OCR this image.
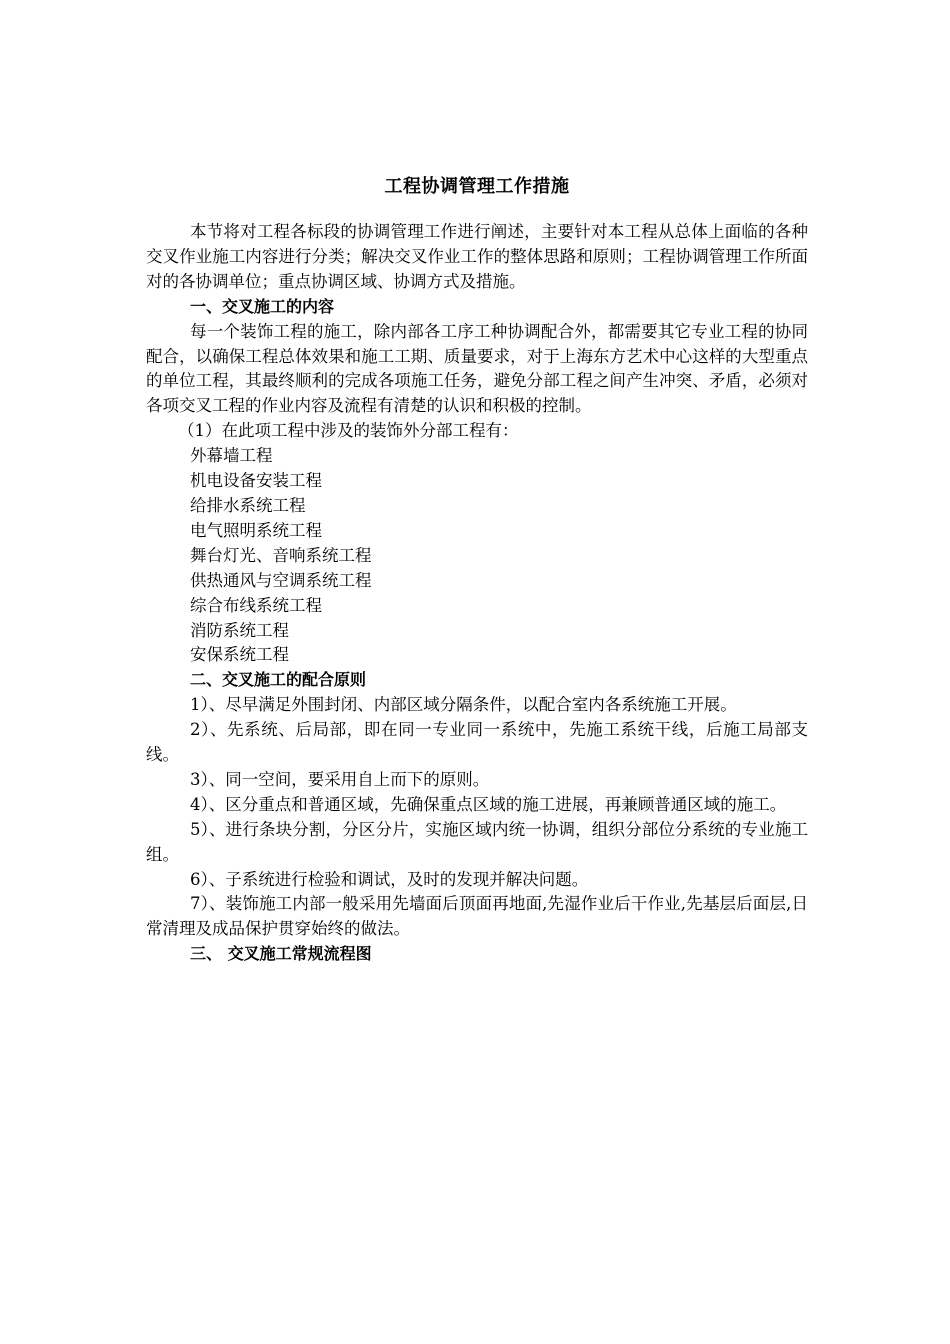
工程协调管理工作措施

本节将对工程各标段的协调管理工作进行阐述，主要针对本工程从总体上面临的各种交叉作业施工内容进行分类；解决交叉作业工作的整体思路和原则；工程协调管理工作所面对的各协调单位；重点协调区域、协调方式及措施。

一、交叉施工的内容

每一个装饰工程的施工，除内部各工序工种协调配合外，都需要其它专业工程的协同配合，以确保工程总体效果和施工工期、质量要求，对于上海东方艺术中心这样的大型重点的单位工程，其最终顺利的完成各项施工任务，避免分部工程之间产生冲突、矛盾，必须对各项交叉工程的作业内容及流程有清楚的认识和积极的控制。

（1）在此项工程中涉及的装饰外分部工程有：
外幕墙工程
机电设备安装工程
给排水系统工程
电气照明系统工程
舞台灯光、音响系统工程
供热通风与空调系统工程
综合布线系统工程
消防系统工程
安保系统工程
二、交叉施工的配合原则

1）、尽早满足外围封闭、内部区域分隔条件，以配合室内各系统施工开展。

2）、先系统、后局部，即在同一专业同一系统中，先施工系统干线，后施工局部支线。

3）、同一空间，要采用自上而下的原则。

4）、区分重点和普通区域，先确保重点区域的施工进展，再兼顾普通区域的施工。

5）、进行条块分割，分区分片，实施区域内统一协调，组织分部位分系统的专业施工组。

6）、子系统进行检验和调试，及时的发现并解决问题。

7）、装饰施工内部一般采用先墙面后顶面再地面,先湿作业后干作业,先基层后面层,日常清理及成品保护贯穿始终的做法。

三、 交叉施工常规流程图
